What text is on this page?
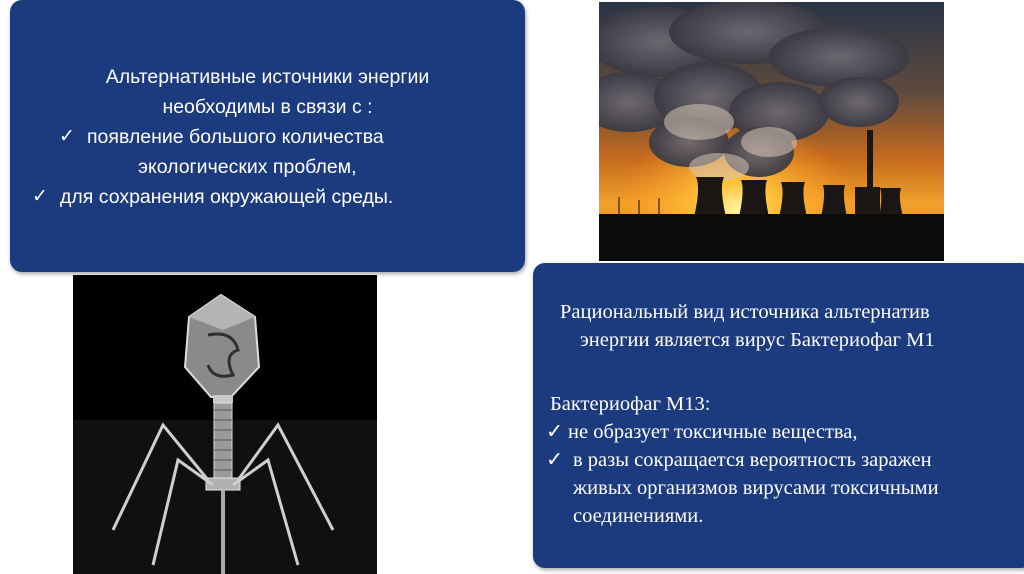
Альтернативные источники энергии
необходимы в связи с :
✓ появление большого количества
экологических проблем,
✓ для сохранения окружающей среды.
Рациональный вид источника альтернатив
энергии является вирус Бактериофаг М1
Бактериофаг М13:
✓ не образует токсичные вещества,
✓ в разы сокращается вероятность заражен
живых организмов вирусами токсичными
соединениями.
